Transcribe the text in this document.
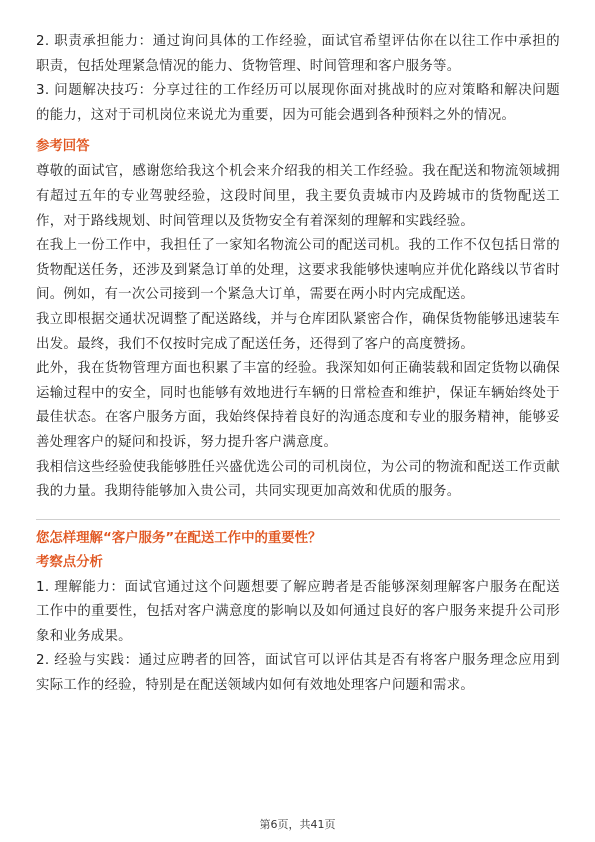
2. 职责承担能力：通过询问具体的工作经验，面试官希望评估你在以往工作中承担的职责，包括处理紧急情况的能力、货物管理、时间管理和客户服务等。

3. 问题解决技巧：分享过往的工作经历可以展现你面对挑战时的应对策略和解决问题的能力，这对于司机岗位来说尤为重要，因为可能会遇到各种预料之外的情况。

参考回答

尊敬的面试官，感谢您给我这个机会来介绍我的相关工作经验。我在配送和物流领域拥有超过五年的专业驾驶经验，这段时间里，我主要负责城市内及跨城市的货物配送工作，对于路线规划、时间管理以及货物安全有着深刻的理解和实践经验。

在我上一份工作中，我担任了一家知名物流公司的配送司机。我的工作不仅包括日常的货物配送任务，还涉及到紧急订单的处理，这要求我能够快速响应并优化路线以节省时间。例如，有一次公司接到一个紧急大订单，需要在两小时内完成配送。

我立即根据交通状况调整了配送路线，并与仓库团队紧密合作，确保货物能够迅速装车出发。最终，我们不仅按时完成了配送任务，还得到了客户的高度赞扬。

此外，我在货物管理方面也积累了丰富的经验。我深知如何正确装载和固定货物以确保运输过程中的安全，同时也能够有效地进行车辆的日常检查和维护，保证车辆始终处于最佳状态。在客户服务方面，我始终保持着良好的沟通态度和专业的服务精神，能够妥善处理客户的疑问和投诉，努力提升客户满意度。

我相信这些经验使我能够胜任兴盛优选公司的司机岗位，为公司的物流和配送工作贡献我的力量。我期待能够加入贵公司，共同实现更加高效和优质的服务。

您怎样理解“客户服务”在配送工作中的重要性？
考察点分析

1. 理解能力：面试官通过这个问题想要了解应聘者是否能够深刻理解客户服务在配送工作中的重要性，包括对客户满意度的影响以及如何通过良好的客户服务来提升公司形象和业务成果。

2. 经验与实践：通过应聘者的回答，面试官可以评估其是否有将客户服务理念应用到实际工作的经验，特别是在配送领域内如何有效地处理客户问题和需求。

第6页，共41页
